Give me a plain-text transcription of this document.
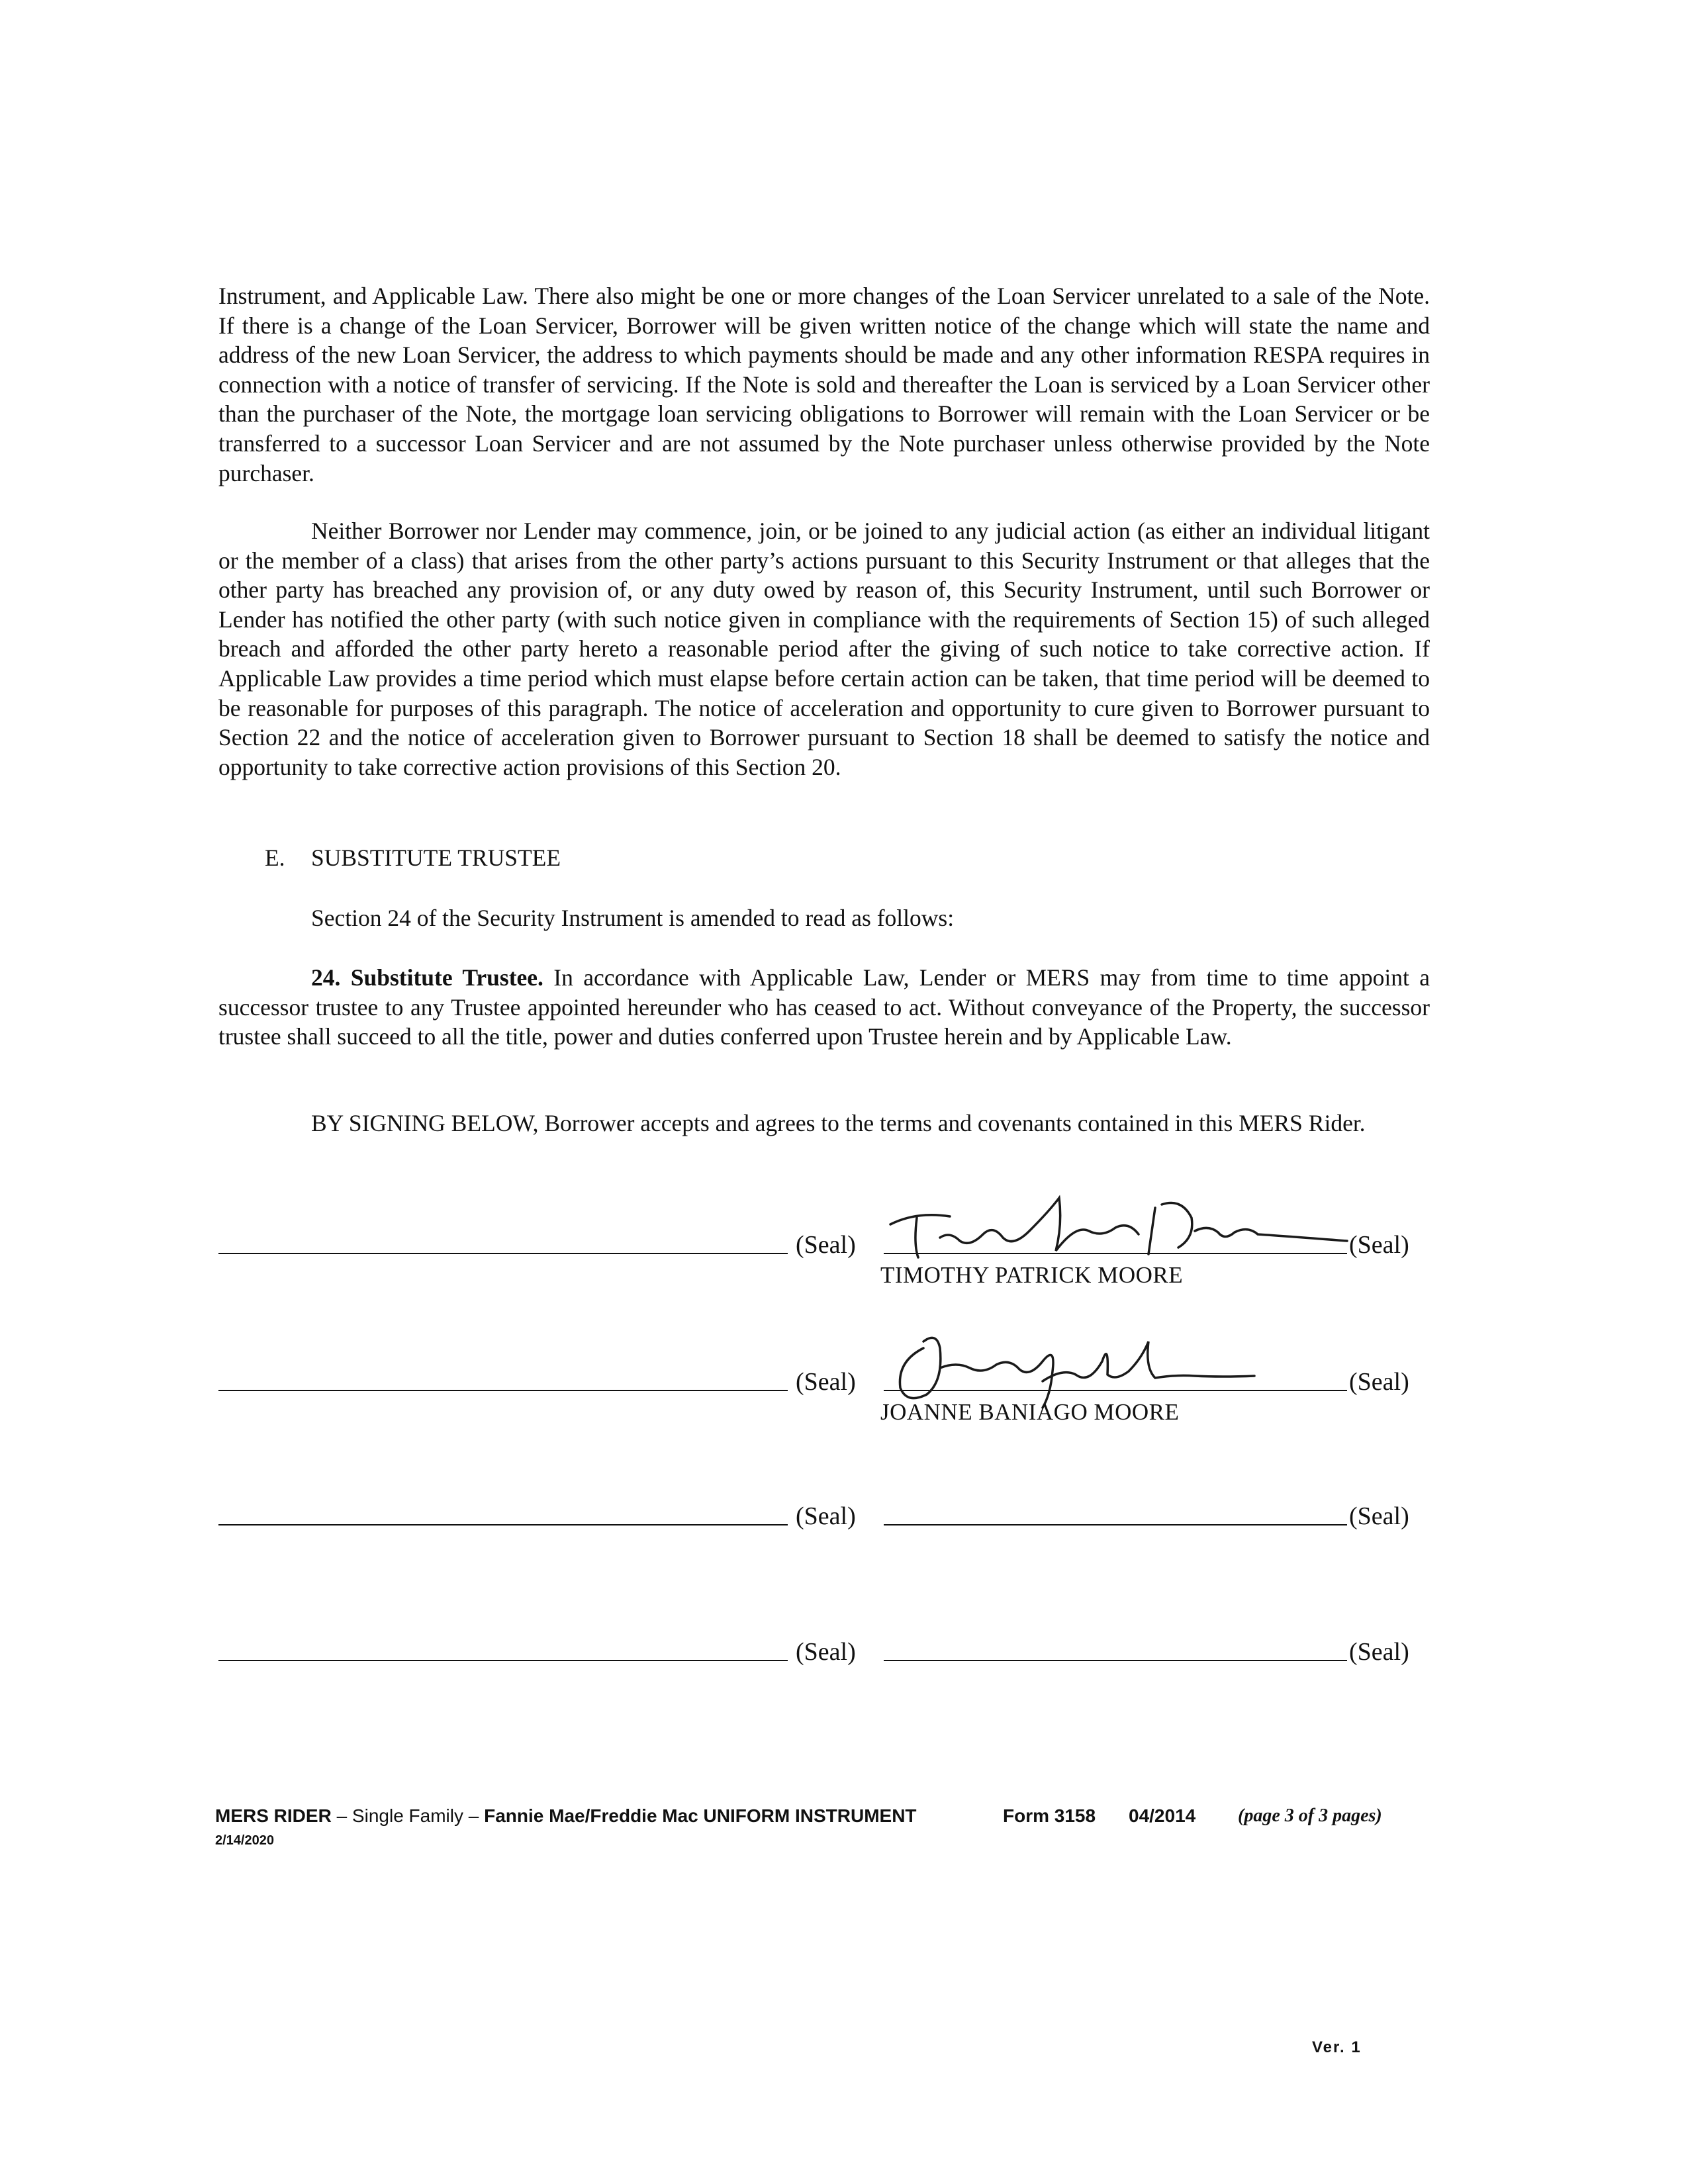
Instrument, and Applicable Law. There also might be one or more changes of the Loan Servicer unrelated to a sale of the Note. If there is a change of the Loan Servicer, Borrower will be given written notice of the change which will state the name and address of the new Loan Servicer, the address to which payments should be made and any other information RESPA requires in connection with a notice of transfer of servicing. If the Note is sold and thereafter the Loan is serviced by a Loan Servicer other than the purchaser of the Note, the mortgage loan servicing obligations to Borrower will remain with the Loan Servicer or be transferred to a successor Loan Servicer and are not assumed by the Note purchaser unless otherwise provided by the Note purchaser.

Neither Borrower nor Lender may commence, join, or be joined to any judicial action (as either an individual litigant or the member of a class) that arises from the other party’s actions pursuant to this Security Instrument or that alleges that the other party has breached any provision of, or any duty owed by reason of, this Security Instrument, until such Borrower or Lender has notified the other party (with such notice given in compliance with the requirements of Section 15) of such alleged breach and afforded the other party hereto a reasonable period after the giving of such notice to take corrective action. If Applicable Law provides a time period which must elapse before certain action can be taken, that time period will be deemed to be reasonable for purposes of this paragraph. The notice of acceleration and opportunity to cure given to Borrower pursuant to Section 22 and the notice of acceleration given to Borrower pursuant to Section 18 shall be deemed to satisfy the notice and opportunity to take corrective action provisions of this Section 20.

E. SUBSTITUTE TRUSTEE

Section 24 of the Security Instrument is amended to read as follows:

24. Substitute Trustee. In accordance with Applicable Law, Lender or MERS may from time to time appoint a successor trustee to any Trustee appointed hereunder who has ceased to act. Without conveyance of the Property, the successor trustee shall succeed to all the title, power and duties conferred upon Trustee herein and by Applicable Law.

BY SIGNING BELOW, Borrower accepts and agrees to the terms and covenants contained in this MERS Rider.

(Seal)	(Seal)
TIMOTHY PATRICK MOORE
(Seal)	(Seal)
JOANNE BANIAGO MOORE
(Seal)	(Seal)
(Seal)	(Seal)
MERS RIDER – Single Family – Fannie Mae/Freddie Mac UNIFORM INSTRUMENT	Form 3158 04/2014 (page 3 of 3 pages)
2/14/2020
Ver. 1
